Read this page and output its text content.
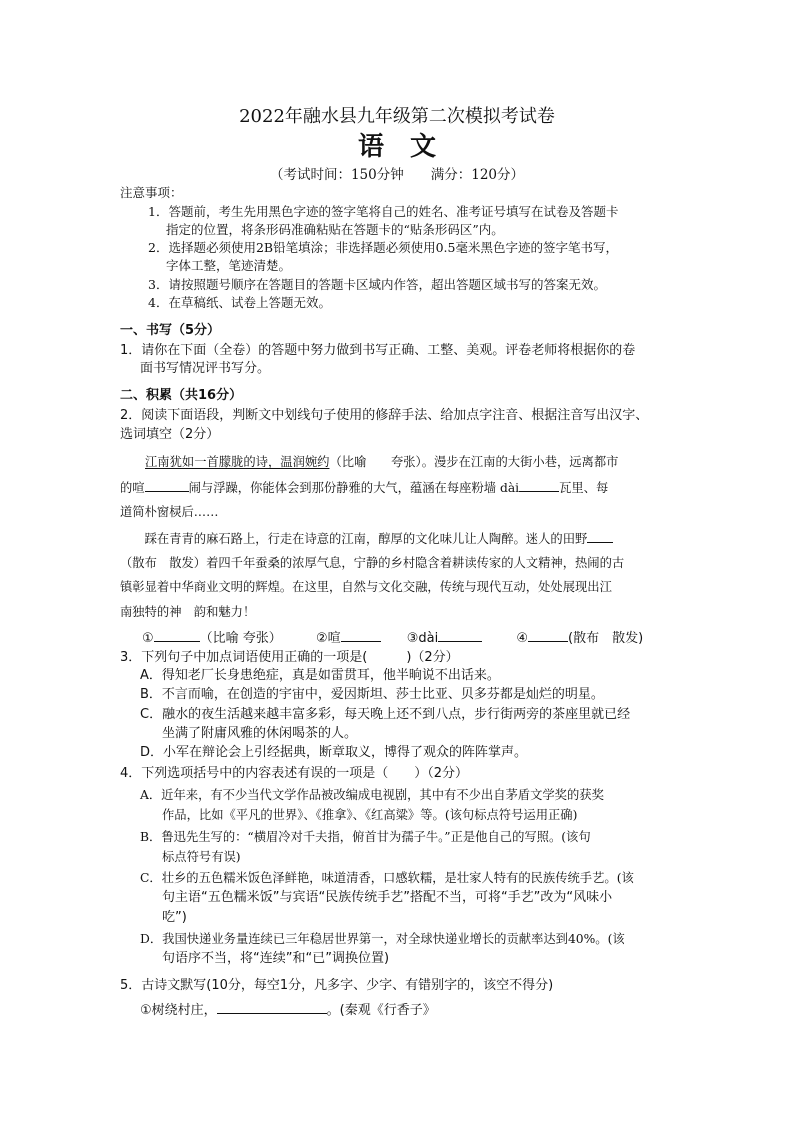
2022年融水县九年级第二次模拟考试卷
语文
（考试时间：150分钟　　满分：120分）
注意事项：
1．答题前，考生先用黑色字迹的签字笔将自己的姓名、准考证号填写在试卷及答题卡
指定的位置，将条形码准确粘贴在答题卡的“贴条形码区”内。
2．选择题必须使用2B铅笔填涂；非选择题必须使用0.5毫米黑色字迹的签字笔书写，
字体工整，笔迹清楚。
3．请按照题号顺序在答题目的答题卡区域内作答，超出答题区域书写的答案无效。
4．在草稿纸、试卷上答题无效。
一、书写（5分）
1．请你在下面（全卷）的答题中努力做到书写正确、工整、美观。评卷老师将根据你的卷
面书写情况评书写分。
二、积累（共16分）
2．阅读下面语段，判断文中划线句子使用的修辞手法、给加点字注音、根据注音写出汉字、
选词填空（2分）
江南犹如一首朦胧的诗，温润婉约（比喻　　夸张）。漫步在江南的大街小巷，远离都市
的喧	闹与浮躁，你能体会到那份静雅的大气，蕴涵在每座粉墙 dài	瓦里、每
道简朴窗棂后……
　　踩在青青的麻石路上，行走在诗意的江南，醇厚的文化味儿让人陶醉。迷人的田野
（散布　散发）着四千年蚕桑的浓厚气息，宁静的乡村隐含着耕读传家的人文精神，热闹的古
镇彰显着中华商业文明的辉煌。在这里，自然与文化交融，传统与现代互动，处处展现出江
南独特的神　韵和魅力！
①	（比喻 夸张）	②喧	③dài	④	(散布　散发)
3．下列句子中加点词语使用正确的一项是(　　　)（2分）
A．得知老厂长身患绝症，真是如雷贯耳，他半晌说不出话来。
B．不言而喻，在创造的宇宙中，爱因斯坦、莎士比亚、贝多芬都是灿烂的明星。
C．融水的夜生活越来越丰富多彩，每天晚上还不到八点，步行街两旁的茶座里就已经
坐满了附庸风雅的休闲喝茶的人。
D．小军在辩论会上引经据典，断章取义，博得了观众的阵阵掌声。
4．下列选项括号中的内容表述有误的一项是（　　）（2分）
A．近年来，有不少当代文学作品被改编成电视剧，其中有不少出自茅盾文学奖的获奖
作品，比如《平凡的世界》、《推拿》、《红高粱》等。(该句标点符号运用正确)
B．鲁迅先生写的：“横眉冷对千夫指，俯首甘为孺子牛。”正是他自己的写照。(该句
标点符号有误)
C．壮乡的五色糯米饭色泽鲜艳，味道清香，口感软糯，是壮家人特有的民族传统手艺。(该
句主语“五色糯米饭”与宾语“民族传统手艺”搭配不当，可将“手艺”改为“风味小
吃”)
D．我国快递业务量连续已三年稳居世界第一，对全球快递业增长的贡献率达到40%。(该
句语序不当，将“连续”和“已”调换位置)
5．古诗文默写(10分，每空1分，凡多字、少字、有错别字的，该空不得分)
①树绕村庄，	。(秦观《行香子》
